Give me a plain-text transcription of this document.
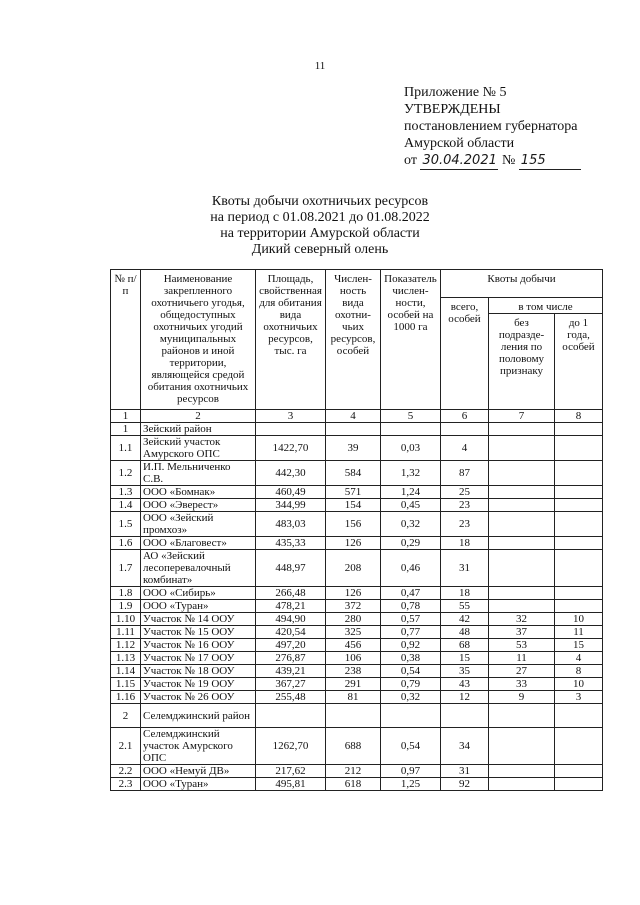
11
Приложение № 5
УТВЕРЖДЕНЫ
постановлением губернатора
Амурской области
от 30.04.2021 № 155
Квоты добычи охотничьих ресурсов
на период с 01.08.2021 до 01.08.2022
на территории Амурской области
Дикий северный олень
№ п/п	Наименование закрепленного охотничьего угодья, общедоступных охотничьих угодий муниципальных районов и иной территории, являющейся средой обитания охотничьих ресурсов	Площадь, свойственная для обитания вида охотничьих ресурсов, тыс. га	Числен-ность вида охотни-чьих ресурсов, особей	Показатель числен-ности, особей на 1000 га	Квоты добычи		
					всего, особей	в том числе	
						без подразде-ления по половому признаку	до 1 года, особей
1	2	3	4	5	6	7	8
1	Зейский район						
1.1	Зейский участок Амурского ОПС	1422,70	39	0,03	4		
1.2	И.П. Мельниченко С.В.	442,30	584	1,32	87		
1.3	ООО «Бомнак»	460,49	571	1,24	25		
1.4	ООО «Эверест»	344,99	154	0,45	23		
1.5	ООО «Зейский промхоз»	483,03	156	0,32	23		
1.6	ООО «Благовест»	435,33	126	0,29	18		
1.7	АО «Зейский лесоперевалочный комбинат»	448,97	208	0,46	31		
1.8	ООО «Сибирь»	266,48	126	0,47	18		
1.9	ООО «Туран»	478,21	372	0,78	55		
1.10	Участок № 14 ООУ	494,90	280	0,57	42	32	10
1.11	Участок № 15 ООУ	420,54	325	0,77	48	37	11
1.12	Участок № 16 ООУ	497,20	456	0,92	68	53	15
1.13	Участок № 17 ООУ	276,87	106	0,38	15	11	4
1.14	Участок № 18 ООУ	439,21	238	0,54	35	27	8
1.15	Участок № 19 ООУ	367,27	291	0,79	43	33	10
1.16	Участок № 26 ООУ	255,48	81	0,32	12	9	3
2	Селемджинский район						
2.1	Селемджинский участок Амурского ОПС	1262,70	688	0,54	34		
2.2	ООО «Немуй ДВ»	217,62	212	0,97	31		
2.3	ООО «Туран»	495,81	618	1,25	92		
